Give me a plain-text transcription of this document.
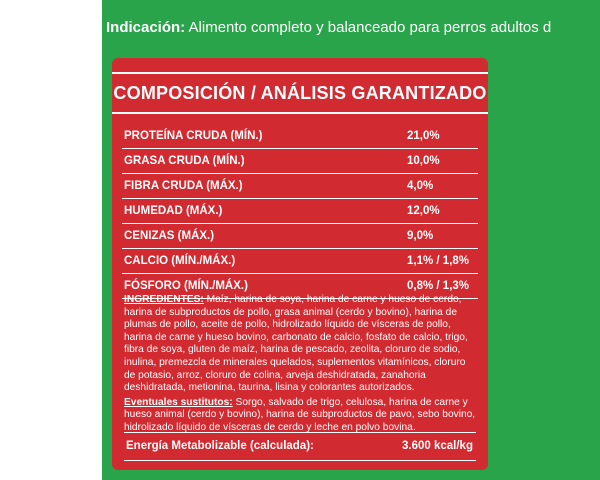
Indicación: Alimento completo y balanceado para perros adultos d
COMPOSICIÓN / ANÁLISIS GARANTIZADO
PROTEÍNA CRUDA (MÍN.)	21,0%
GRASA CRUDA (MÍN.)	10,0%
FIBRA CRUDA (MÁX.)	4,0%
HUMEDAD (MÁX.)	12,0%
CENIZAS (MÁX.)	9,0%
CALCIO (MÍN./MÁX.)	1,1% / 1,8%
FÓSFORO (MÍN./MÁX.)	0,8% / 1,3%

INGREDIENTES: Maíz, harina de soya, harina de carne y hueso de cerdo, harina de subproductos de pollo, grasa animal (cerdo y bovino), harina de plumas de pollo, aceite de pollo, hidrolizado líquido de vísceras de pollo, harina de carne y hueso bovino, carbonato de calcio, fosfato de calcio, trigo, fibra de soya, gluten de maíz, harina de pescado, zeolita, cloruro de sodio, inulina, premezcla de minerales quelados, suplementos vitamínicos, cloruro de potasio, arroz, cloruro de colina, arveja deshidratada, zanahoria deshidratada, metionina, taurina, lisina y colorantes autorizados.

Eventuales sustitutos: Sorgo, salvado de trigo, celulosa, harina de carne y hueso animal (cerdo y bovino), harina de subproductos de pavo, sebo bovino, hidrolizado líquido de vísceras de cerdo y leche en polvo bovina.

Energía Metabolizable (calculada):	3.600 kcal/kg
